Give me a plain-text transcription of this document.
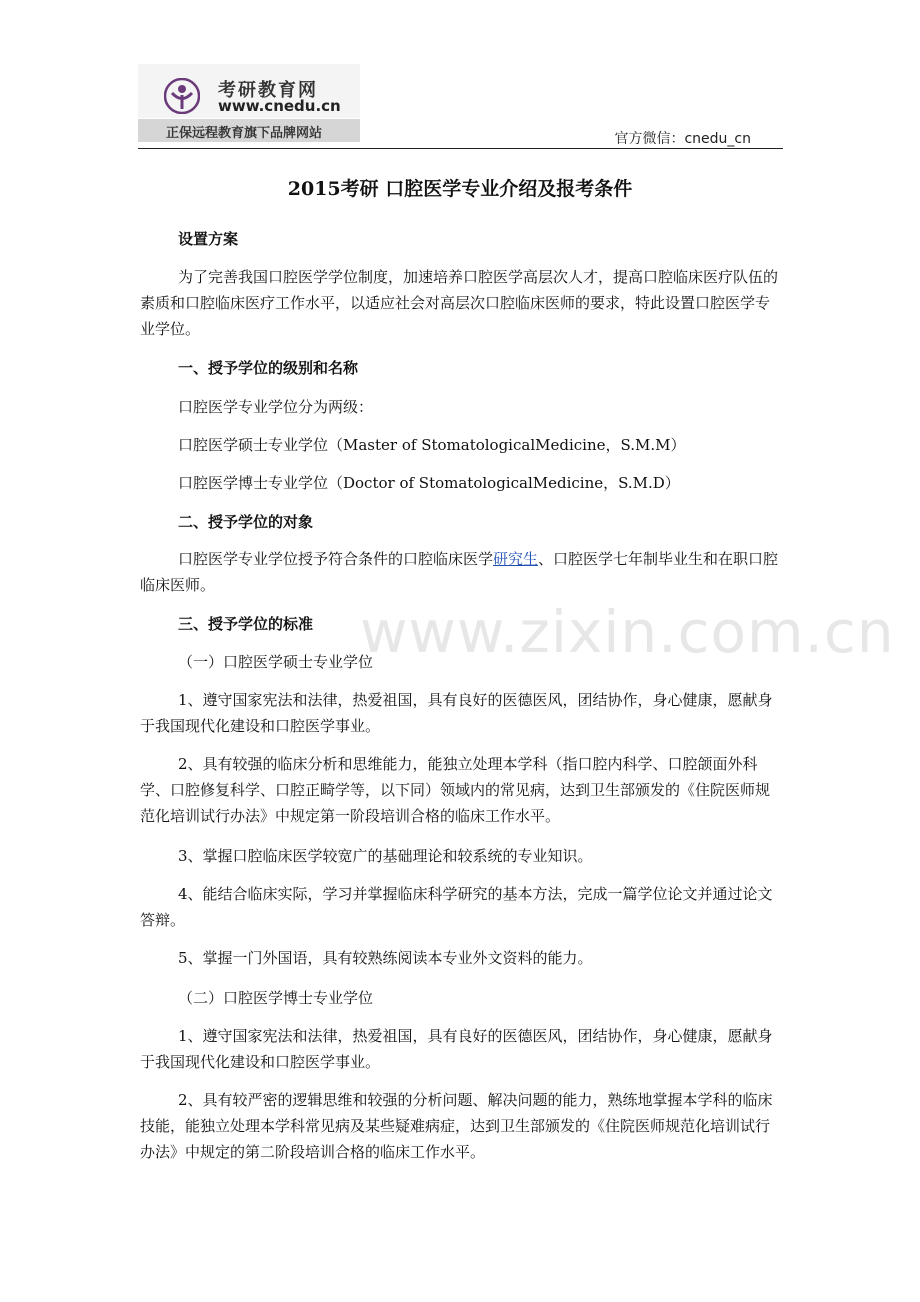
考研教育网
www.cnedu.cn
正保远程教育旗下品牌网站	官方微信：cnedu_cn
www.zixin.com.cn
2015考研 口腔医学专业介绍及报考条件

设置方案

为了完善我国口腔医学学位制度，加速培养口腔医学高层次人才，提高口腔临床医疗队伍的素质和口腔临床医疗工作水平，以适应社会对高层次口腔临床医师的要求，特此设置口腔医学专业学位。

一、授予学位的级别和名称

口腔医学专业学位分为两级：

口腔医学硕士专业学位（Master of StomatologicalMedicine，S.M.M）

口腔医学博士专业学位（Doctor of StomatologicalMedicine，S.M.D）

二、授予学位的对象

口腔医学专业学位授予符合条件的口腔临床医学研究生、口腔医学七年制毕业生和在职口腔临床医师。

三、授予学位的标准

（一）口腔医学硕士专业学位

1、遵守国家宪法和法律，热爱祖国，具有良好的医德医风，团结协作，身心健康，愿献身于我国现代化建设和口腔医学事业。

2、具有较强的临床分析和思维能力，能独立处理本学科（指口腔内科学、口腔颌面外科学、口腔修复科学、口腔正畸学等，以下同）领域内的常见病，达到卫生部颁发的《住院医师规范化培训试行办法》中规定第一阶段培训合格的临床工作水平。

3、掌握口腔临床医学较宽广的基础理论和较系统的专业知识。

4、能结合临床实际，学习并掌握临床科学研究的基本方法，完成一篇学位论文并通过论文答辩。

5、掌握一门外国语，具有较熟练阅读本专业外文资料的能力。

（二）口腔医学博士专业学位

1、遵守国家宪法和法律，热爱祖国，具有良好的医德医风，团结协作，身心健康，愿献身于我国现代化建设和口腔医学事业。

2、具有较严密的逻辑思维和较强的分析问题、解决问题的能力，熟练地掌握本学科的临床技能，能独立处理本学科常见病及某些疑难病症，达到卫生部颁发的《住院医师规范化培训试行办法》中规定的第二阶段培训合格的临床工作水平。
